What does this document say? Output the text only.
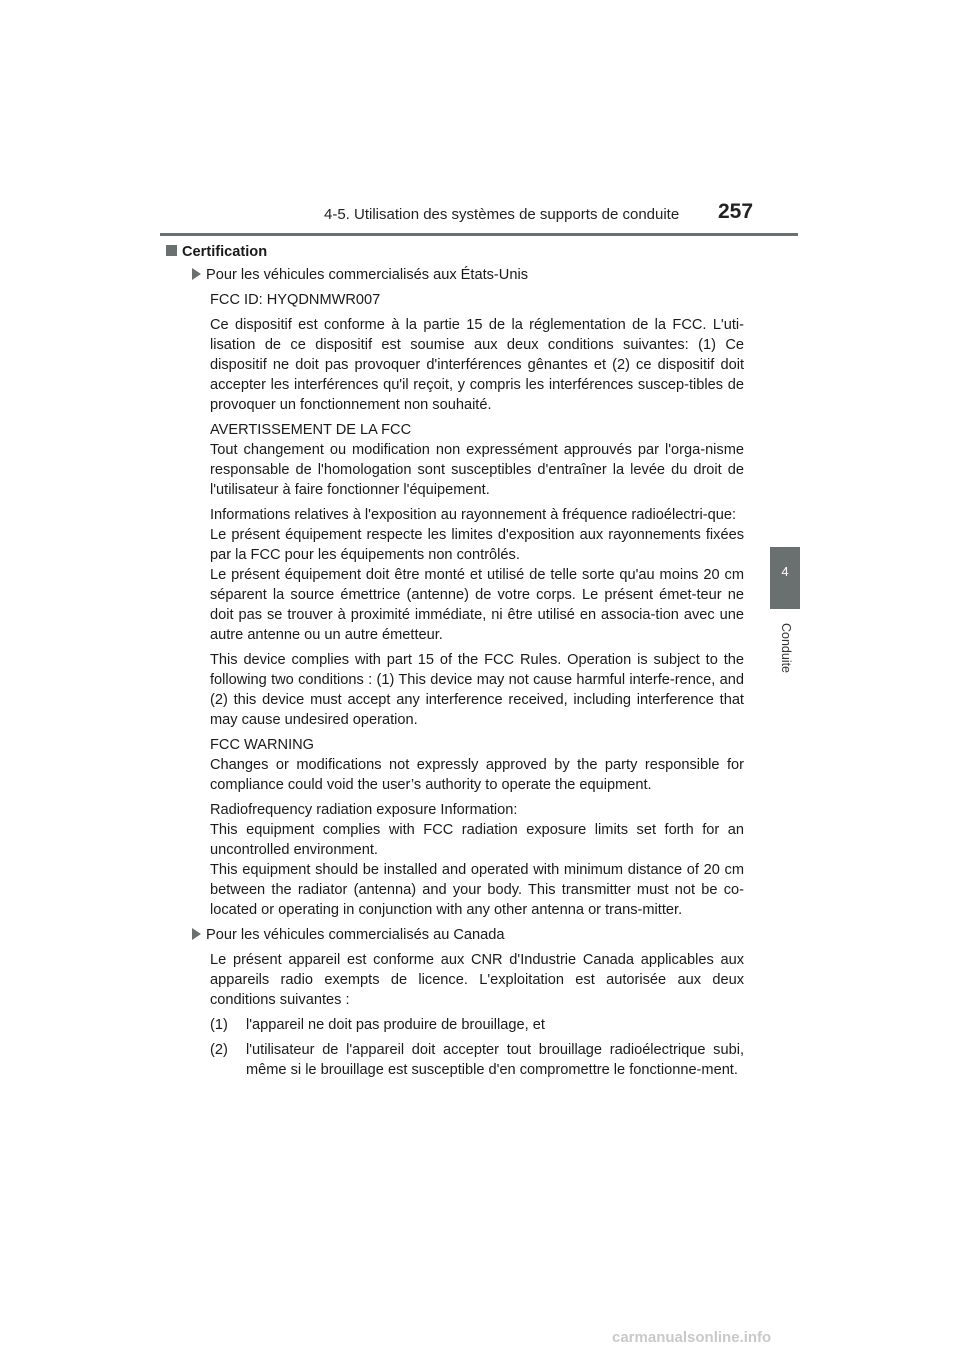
4-5. Utilisation des systèmes de supports de conduite 257
4
Conduite
Certification
Pour les véhicules commercialisés aux États-Unis

FCC ID: HYQDNMWR007

Ce dispositif est conforme à la partie 15 de la réglementation de la FCC. L'uti-lisation de ce dispositif est soumise aux deux conditions suivantes: (1) Ce dispositif ne doit pas provoquer d'interférences gênantes et (2) ce dispositif doit accepter les interférences qu'il reçoit, y compris les interférences suscep-tibles de provoquer un fonctionnement non souhaité.

AVERTISSEMENT DE LA FCC
Tout changement ou modification non expressément approuvés par l'orga-nisme responsable de l'homologation sont susceptibles d'entraîner la levée du droit de l'utilisateur à faire fonctionner l'équipement.

Informations relatives à l'exposition au rayonnement à fréquence radioélectri-que:
Le présent équipement respecte les limites d'exposition aux rayonnements fixées par la FCC pour les équipements non contrôlés.
Le présent équipement doit être monté et utilisé de telle sorte qu'au moins 20 cm séparent la source émettrice (antenne) de votre corps. Le présent émet-teur ne doit pas se trouver à proximité immédiate, ni être utilisé en associa-tion avec une autre antenne ou un autre émetteur.

This device complies with part 15 of the FCC Rules. Operation is subject to the following two conditions : (1) This device may not cause harmful interfe-rence, and (2) this device must accept any interference received, including interference that may cause undesired operation.

FCC WARNING
Changes or modifications not expressly approved by the party responsible for compliance could void the user’s authority to operate the equipment.

Radiofrequency radiation exposure Information:
This equipment complies with FCC radiation exposure limits set forth for an uncontrolled environment.
This equipment should be installed and operated with minimum distance of 20 cm between the radiator (antenna) and your body. This transmitter must not be co-located or operating in conjunction with any other antenna or trans-mitter.

Pour les véhicules commercialisés au Canada

Le présent appareil est conforme aux CNR d'Industrie Canada applicables aux appareils radio exempts de licence. L'exploitation est autorisée aux deux conditions suivantes :

(1)	l'appareil ne doit pas produire de brouillage, et
(2)	l'utilisateur de l'appareil doit accepter tout brouillage radioélectrique subi, même si le brouillage est susceptible d'en compromettre le fonctionne-ment.
carmanualsonline.info
